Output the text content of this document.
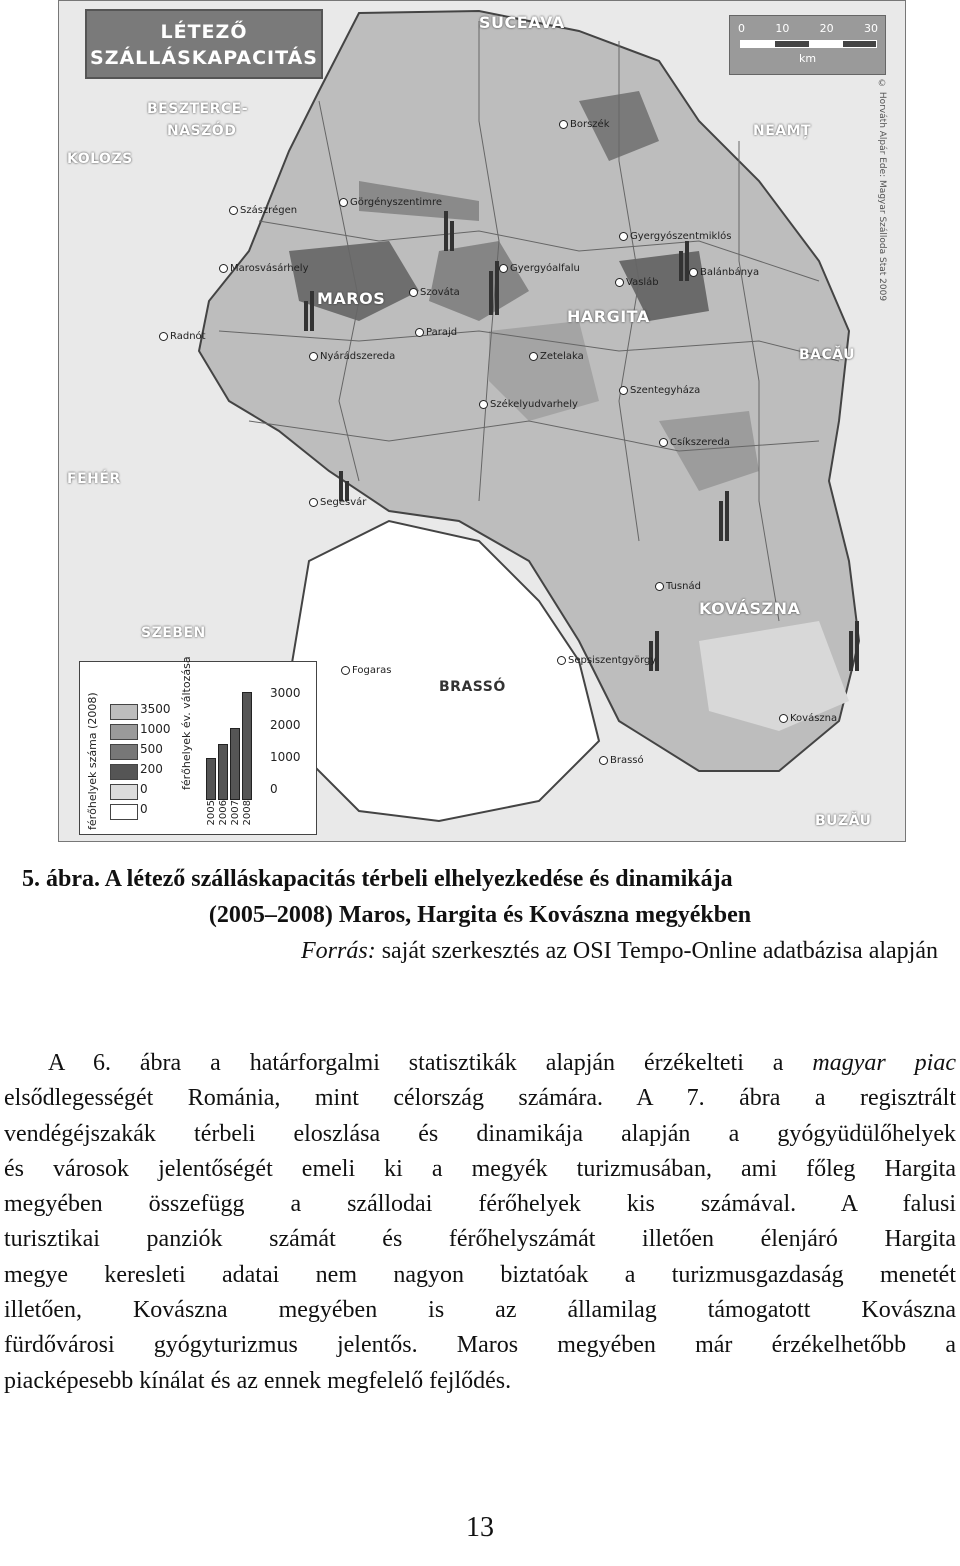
LÉTEZŐ
SZÁLLÁSKAPACITÁS
0	10	20	30
km
© Horváth Alpár Ede: Magyar Szálloda Stat 2009
SUCEAVA
BESZTERCE-
NASZÓD
KOLOZS
NEAMȚ
MAROS
HARGITA
BACĂU
FEHÉR
KOVÁSZNA
SZEBEN
BRASSÓ
BUZĂU
Szászrégen
Görgényszentimre
Marosvásárhely
Szováta
Gyergyószentmiklós
Borszék
Balánbánya
Gyergyóalfalu
Vasláb
Radnót
Nyárádszereda
Segesvár
Székelyudvarhely
Csíkszereda
Fogaras
Sepsiszentgyörgy
Kovászna
Brassó
Tusnád
Zetelaka
Parajd
Szentegyháza
férőhelyek száma (2008)	3500
1000
500
200
0
0
férőhelyek év. változása
2005 2006 2007 2008
3000
2000
1000
0
5. ábra. A létező szálláskapacitás térbeli elhelyezkedése és dinamikája
(2005–2008) Maros, Hargita és Kovászna megyékben
Forrás: saját szerkesztés az OSI Tempo-Online adatbázisa alapján
A 6. ábra a határforgalmi statisztikák alapján érzékelteti a magyar piac
elsődlegességét Románia, mint célország számára. A 7. ábra a regisztrált
vendégéjszakák térbeli eloszlása és dinamikája alapján a gyógyüdülőhelyek
és városok jelentőségét emeli ki a megyék turizmusában, ami főleg Hargita
megyében összefügg a szállodai férőhelyek kis számával. A falusi
turisztikai panziók számát és férőhelyszámát illetően élenjáró Hargita
megye keresleti adatai nem nagyon biztatóak a turizmusgazdaság menetét
illetően, Kovászna megyében is az államilag támogatott Kovászna
fürdővárosi gyógyturizmus jelentős. Maros megyében már érzékelhetőbb a
piacképesebb kínálat és az ennek megfelelő fejlődés.
13
